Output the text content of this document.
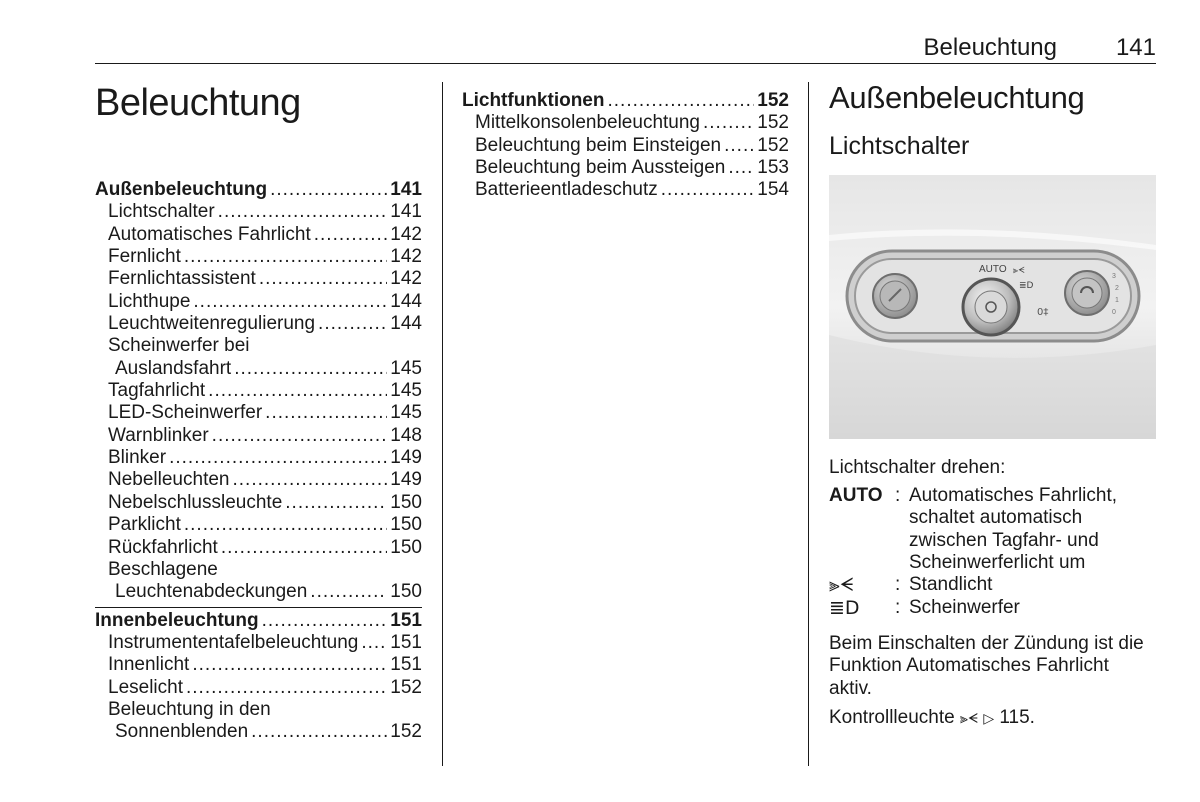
Beleuchtung 141
Beleuchtung
Außenbeleuchtung .....	141
Lichtschalter .....	141
Automatisches Fahrlicht .....	142
Fernlicht .....	142
Fernlichtassistent .....	142
Lichthupe .....	144
Leuchtweitenregulierung .....	144
Scheinwerfer bei
Auslandsfahrt .....	145
Tagfahrlicht .....	145
LED-Scheinwerfer .....	145
Warnblinker .....	148
Blinker .....	149
Nebelleuchten .....	149
Nebelschlussleuchte .....	150
Parklicht .....	150
Rückfahrlicht .....	150
Beschlagene
Leuchtenabdeckungen .....	150
Innenbeleuchtung .....	151
Instrumententafelbeleuchtung ..... 151
Innenlicht .....	151
Leselicht .....	152
Beleuchtung in den
Sonnenblenden .....	152
Lichtfunktionen .....	152
Mittelkonsolenbeleuchtung .....	152
Beleuchtung beim Einsteigen ..... 152
Beleuchtung beim Aussteigen ..... 153
Batterieentladeschutz .....	154
Außenbeleuchtung
Lichtschalter
AUTO ⫸ᗕ
≣D
0‡
3
2
1
0
Lichtschalter drehen:
AUTO : Automatisches Fahrlicht,
schaltet automatisch
zwischen Tagfahr- und
Scheinwerferlicht um
⫸ᗕ	: Standlicht
≣D	: Scheinwerfer
Beim Einschalten der Zündung ist die
Funktion Automatisches Fahrlicht
aktiv.
Kontrollleuchte ⫸ᗕ ▷ 115.
